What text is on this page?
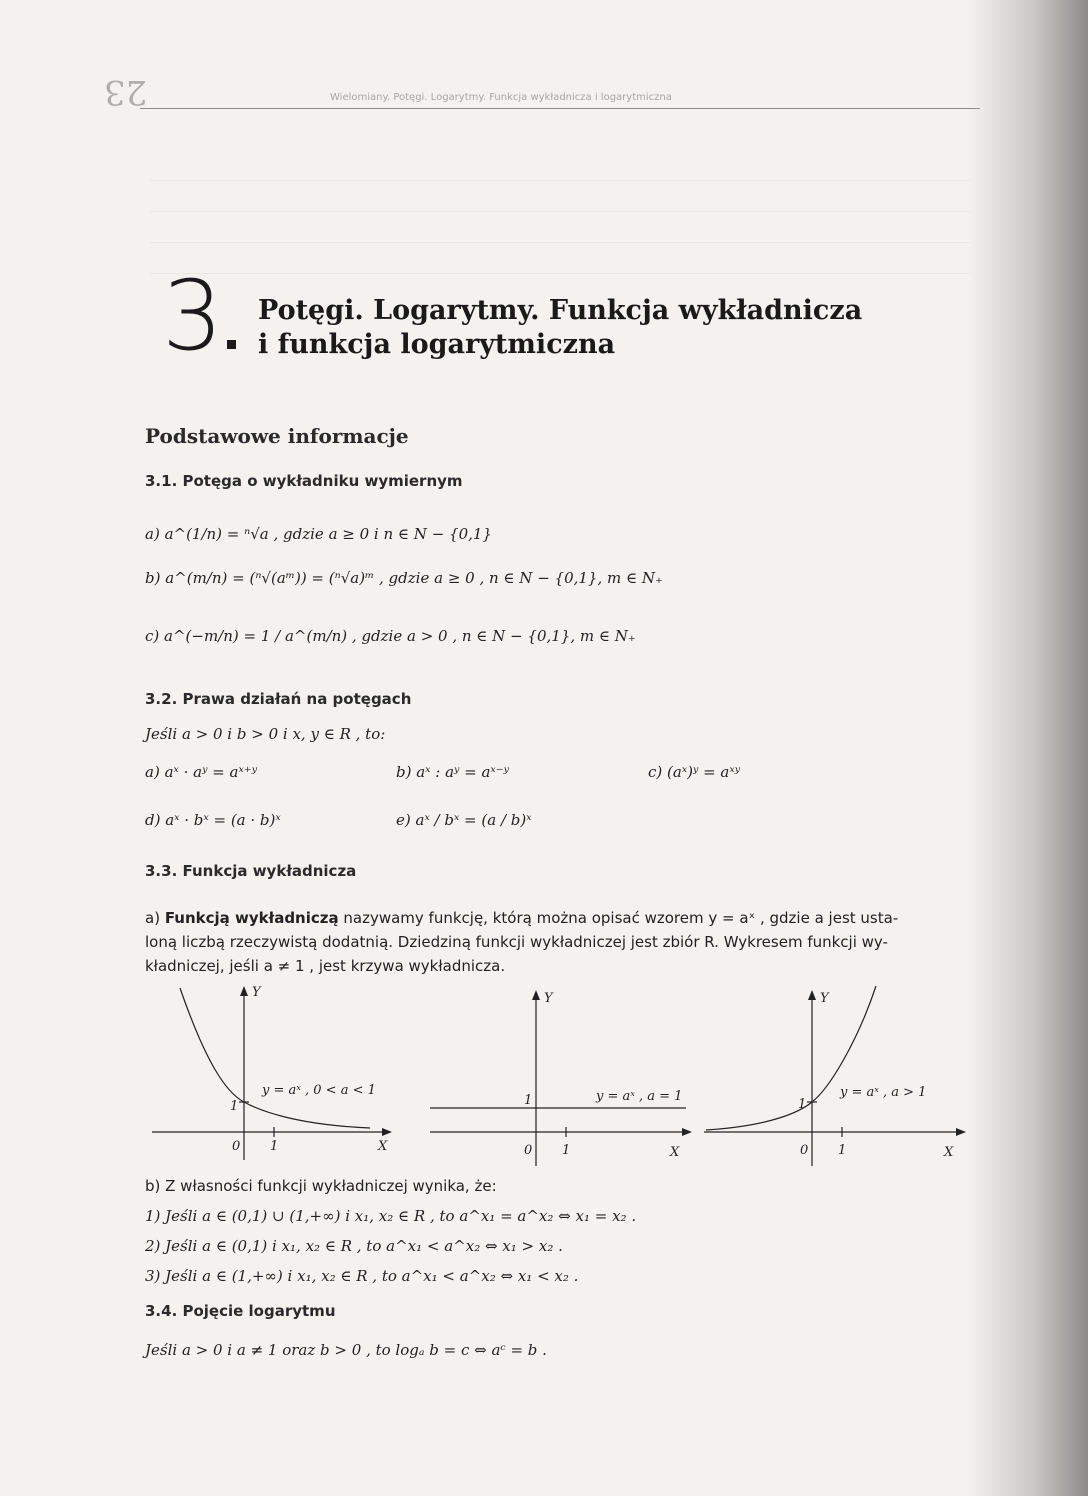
23	Wielomiany. Potęgi. Logarytmy. Funkcja wykładnicza i logarytmiczna
3 Potęgi. Logarytmy. Funkcja wykładnicza
i funkcja logarytmiczna
Podstawowe informacje
3.1. Potęga o wykładniku wymiernym
a) a^(1/n) = ⁿ√a , gdzie a ≥ 0 i n ∈ N − {0,1}
b) a^(m/n) = (ⁿ√(aᵐ)) = (ⁿ√a)ᵐ , gdzie a ≥ 0 , n ∈ N − {0,1}, m ∈ N₊
c) a^(−m/n) = 1 / a^(m/n) , gdzie a > 0 , n ∈ N − {0,1}, m ∈ N₊
3.2. Prawa działań na potęgach
Jeśli a > 0 i b > 0 i x, y ∈ R , to:
a) aˣ · aʸ = aˣ⁺ʸ	b) aˣ : aʸ = aˣ⁻ʸ	c) (aˣ)ʸ = aˣʸ
d) aˣ · bˣ = (a · b)ˣ	e) aˣ / bˣ = (a / b)ˣ
3.3. Funkcja wykładnicza
a) Funkcją wykładniczą nazywamy funkcję, którą można opisać wzorem y = aˣ , gdzie a jest usta-
loną liczbą rzeczywistą dodatnią. Dziedziną funkcji wykładniczej jest zbiór R. Wykresem funkcji wy-
kładniczej, jeśli a ≠ 1 , jest krzywa wykładnicza.
Y
X
0 1
1
y = aˣ , 0 < a < 1
Y
X
0 1
1	y = aˣ , a = 1
Y
X
0 1
1
y = aˣ , a > 1
b) Z własności funkcji wykładniczej wynika, że:
1) Jeśli a ∈ (0,1) ∪ (1,+∞) i x₁, x₂ ∈ R , to a^x₁ = a^x₂ ⇔ x₁ = x₂ .
2) Jeśli a ∈ (0,1) i x₁, x₂ ∈ R , to a^x₁ < a^x₂ ⇔ x₁ > x₂ .
3) Jeśli a ∈ (1,+∞) i x₁, x₂ ∈ R , to a^x₁ < a^x₂ ⇔ x₁ < x₂ .
3.4. Pojęcie logarytmu
Jeśli a > 0 i a ≠ 1 oraz b > 0 , to logₐ b = c ⇔ aᶜ = b .
